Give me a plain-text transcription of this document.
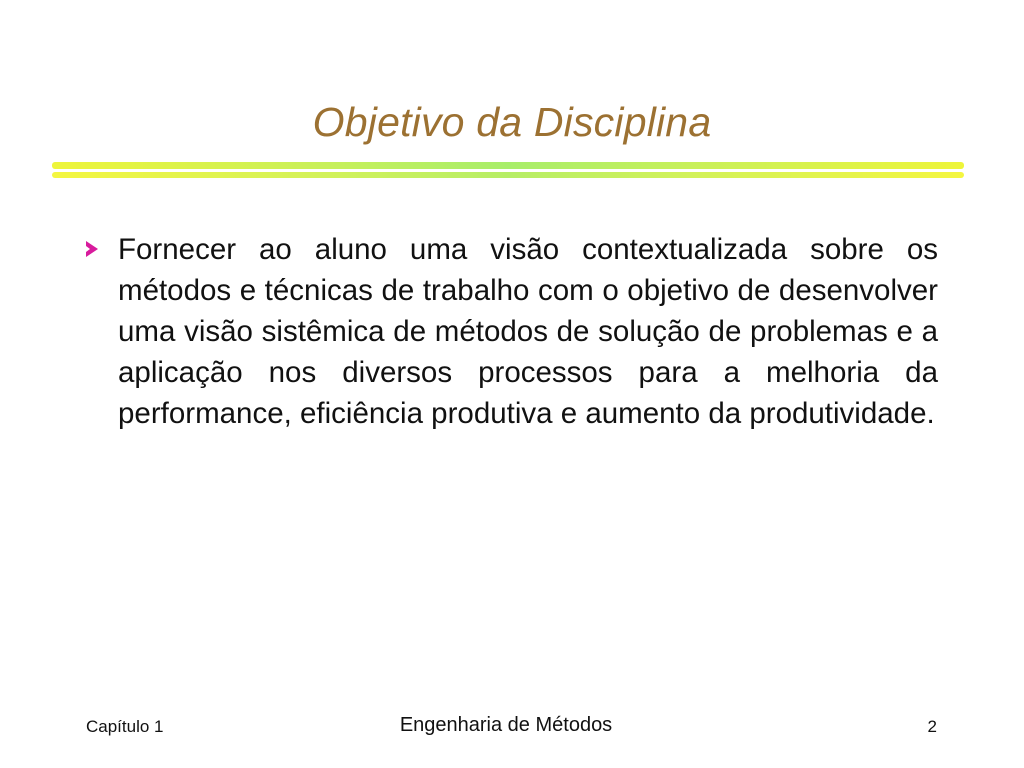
Objetivo da Disciplina
Fornecer ao aluno uma visão contextualizada sobre os métodos e técnicas de trabalho com o objetivo de desenvolver uma visão sistêmica de métodos de solução de problemas e a aplicação nos diversos processos para a melhoria da performance, eficiência produtiva e aumento da produtividade.
Capítulo 1	Engenharia de Métodos	2
